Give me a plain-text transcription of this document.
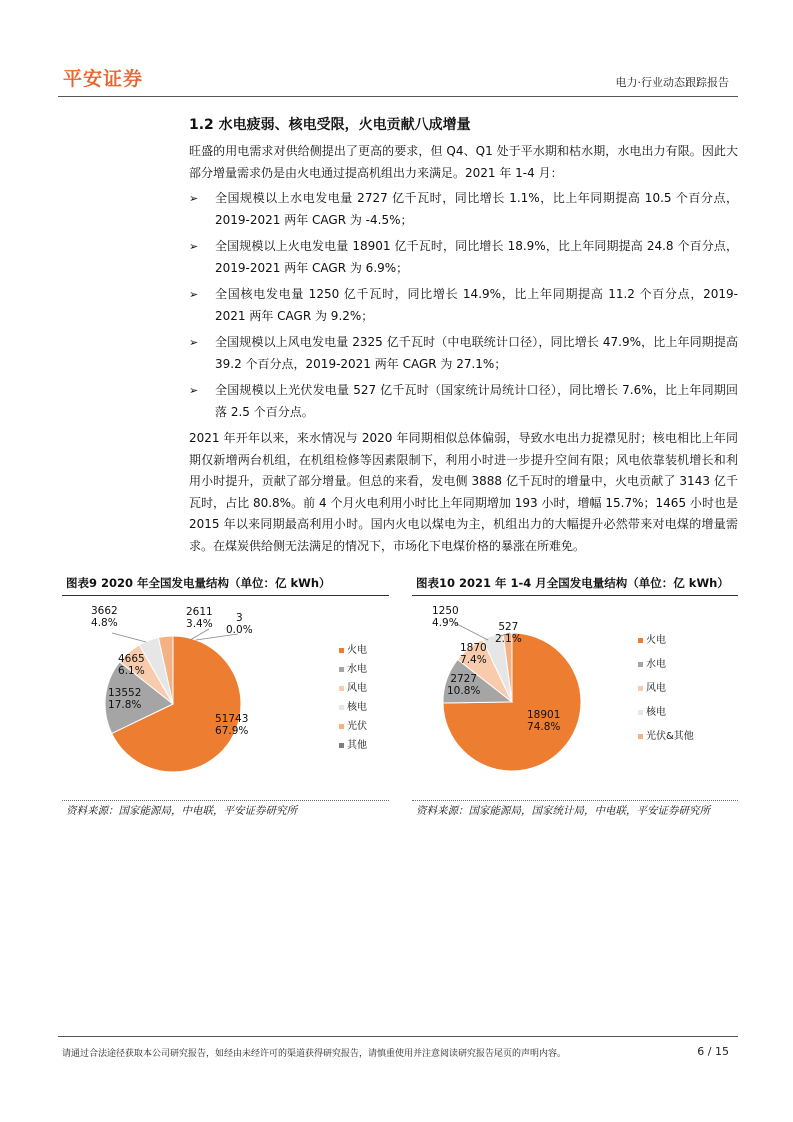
平安证券	电力·行业动态跟踪报告
1.2 水电疲弱、核电受限，火电贡献八成增量

旺盛的用电需求对供给侧提出了更高的要求，但 Q4、Q1 处于平水期和枯水期，水电出力有限。因此大部分增量需求仍是由火电通过提高机组出力来满足。2021 年 1-4 月：

➢ 全国规模以上水电发电量 2727 亿千瓦时，同比增长 1.1%，比上年同期提高 10.5 个百分点，2019-2021 两年 CAGR 为 -4.5%；
➢ 全国规模以上火电发电量 18901 亿千瓦时，同比增长 18.9%，比上年同期提高 24.8 个百分点，2019-2021 两年 CAGR 为 6.9%；
➢ 全国核电发电量 1250 亿千瓦时，同比增长 14.9%，比上年同期提高 11.2 个百分点，2019-2021 两年 CAGR 为 9.2%；
➢ 全国规模以上风电发电量 2325 亿千瓦时（中电联统计口径），同比增长 47.9%，比上年同期提高 39.2 个百分点，2019-2021 两年 CAGR 为 27.1%；
➢ 全国规模以上光伏发电量 527 亿千瓦时（国家统计局统计口径），同比增长 7.6%，比上年同期回落 2.5 个百分点。

2021 年开年以来，来水情况与 2020 年同期相似总体偏弱，导致水电出力捉襟见肘；核电相比上年同期仅新增两台机组，在机组检修等因素限制下，利用小时进一步提升空间有限；风电依靠装机增长和利用小时提升，贡献了部分增量。但总的来看，发电侧 3888 亿千瓦时的增量中，火电贡献了 3143 亿千瓦时，占比 80.8%。前 4 个月火电利用小时比上年同期增加 193 小时，增幅 15.7%；1465 小时也是 2015 年以来同期最高利用小时。国内火电以煤电为主，机组出力的大幅提升必然带来对电煤的增量需求。在煤炭供给侧无法满足的情况下，市场化下电煤价格的暴涨在所难免。

图表9 2020 年全国发电量结构（单位：亿 kWh）
51743
67.9%
13552
17.8%
4665
6.1%
3662
4.8%
2611
3.4%	3
0.0%
火电
水电
风电
核电
光伏
其他
资料来源：国家能源局，中电联，平安证券研究所
图表10 2021 年 1-4 月全国发电量结构（单位：亿 kWh）
18901
74.8%
2727
10.8%
1870
7.4%
1250
4.9%	527
2.1%	火电
水电
风电
核电
光伏&其他
资料来源：国家能源局，国家统计局，中电联，平安证券研究所
请通过合法途径获取本公司研究报告，如经由未经许可的渠道获得研究报告，请慎重使用并注意阅读研究报告尾页的声明内容。	6 / 15
